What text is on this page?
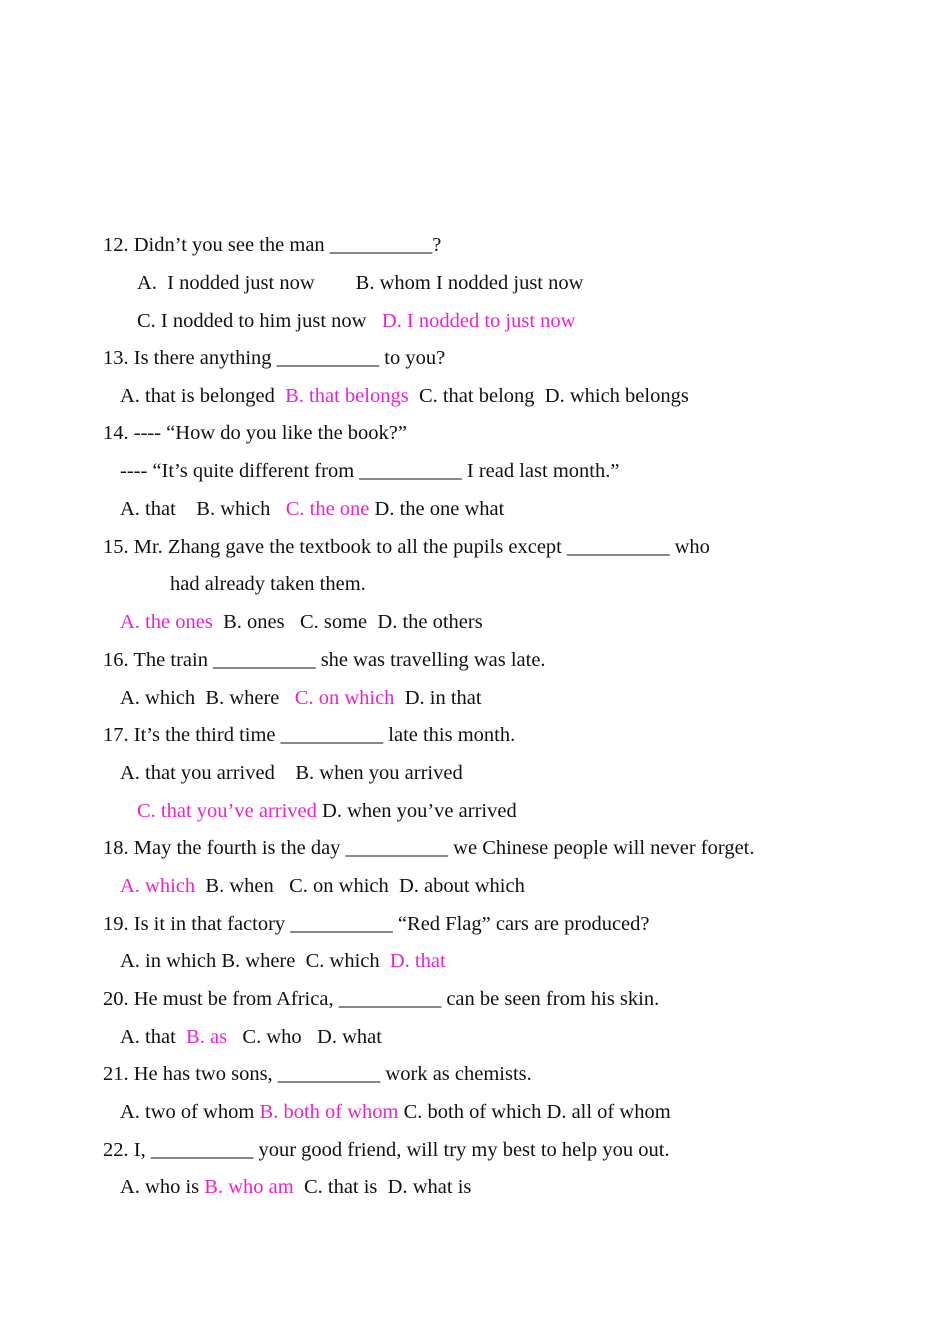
12. Didn’t you see the man __________?
A.  I nodded just now        B. whom I nodded just now
C. I nodded to him just now   D. I nodded to just now
13. Is there anything __________ to you?
A. that is belonged  B. that belongs  C. that belong  D. which belongs
14. ---- “How do you like the book?”
---- “It’s quite different from __________ I read last month.”
A. that    B. which   C. the one D. the one what
15. Mr. Zhang gave the textbook to all the pupils except __________ who
had already taken them.
A. the ones  B. ones   C. some  D. the others
16. The train __________ she was travelling was late.
A. which  B. where   C. on which  D. in that
17. It’s the third time __________ late this month.
A. that you arrived    B. when you arrived
C. that you’ve arrived D. when you’ve arrived
18. May the fourth is the day __________ we Chinese people will never forget.
A. which  B. when   C. on which  D. about which
19. Is it in that factory __________ “Red Flag” cars are produced?
A. in which B. where  C. which  D. that
20. He must be from Africa, __________ can be seen from his skin.
A. that  B. as   C. who   D. what
21. He has two sons, __________ work as chemists.
A. two of whom B. both of whom C. both of which D. all of whom
22. I, __________ your good friend, will try my best to help you out.
A. who is B. who am  C. that is  D. what is
